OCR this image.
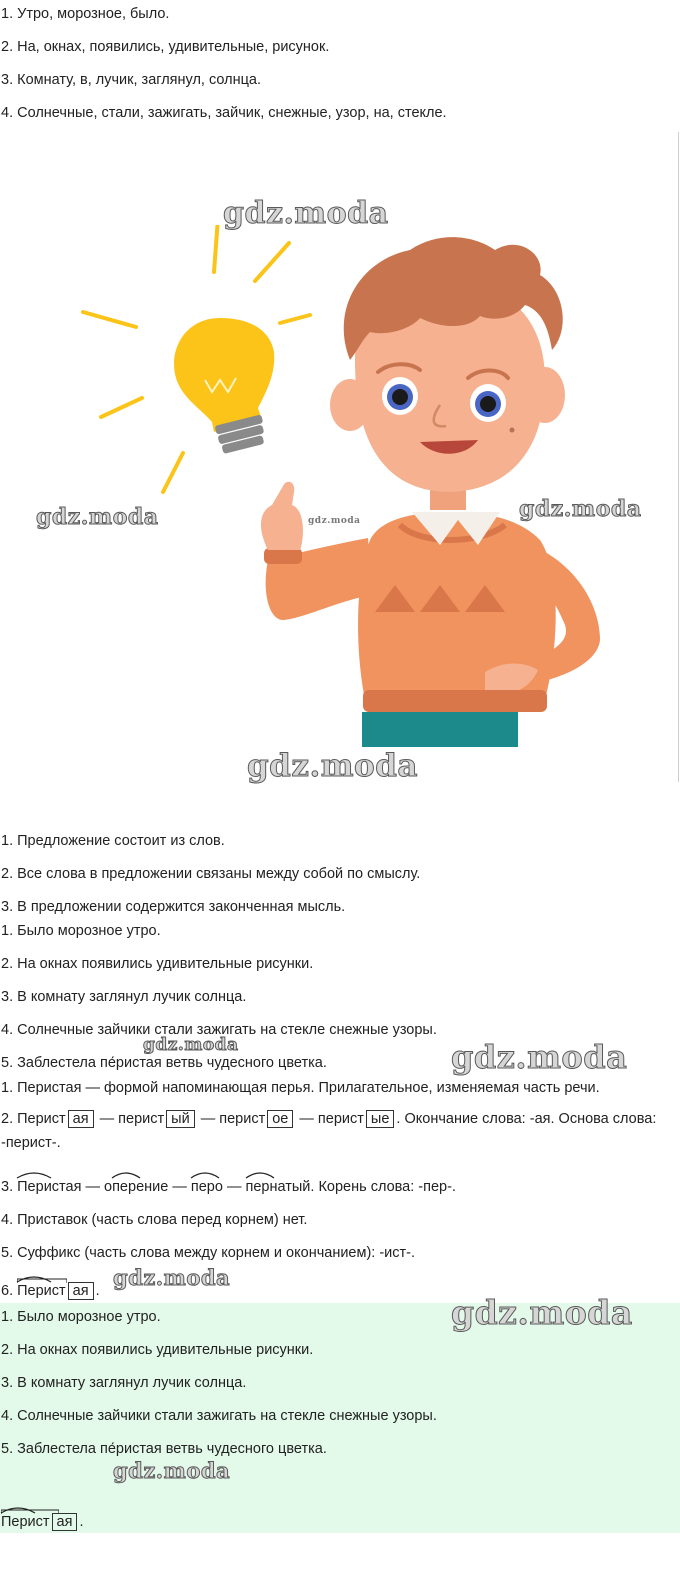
1. Утро, морозное, было.
2. На, окнах, появились, удивительные, рисунок.
3. Комнату, в, лучик, заглянул, солнца.
4. Солнечные, стали, зажигать, зайчик, снежные, узор, на, стекле.
gdz.moda
gdz.moda	gdz.moda
gdz.moda
gdz.moda
1. Предложение состоит из слов.
2. Все слова в предложении связаны между собой по смыслу.
3. В предложении содержится законченная мысль.
1. Было морозное утро.
2. На окнах появились удивительные рисунки.
3. В комнату заглянул лучик солнца.
4. Солнечные зайчики стали зажигать на стекле снежные узоры.
5. Заблестела пе́ристая ветвь чудесного цветка.
gdz.moda	gdz.moda
1. Перистая — формой напоминающая перья. Прилагательное, изменяемая часть речи.
2. Перист ая — перист ый — перист ое — перист ые . Окончание слова: -ая. Основа слова: -перист-.
3.
Перистая — о
перение —
перо —
пернатый. Корень слова: -пер-.
4. Приставок (часть слова перед корнем) нет.
5. Суффикс (часть слова между корнем и окончанием): -ист-.
6.
Перист ая .
gdz.moda
1. Было морозное утро.
2. На окнах появились удивительные рисунки.
3. В комнату заглянул лучик солнца.
4. Солнечные зайчики стали зажигать на стекле снежные узоры.
5. Заблестела пе́ристая ветвь чудесного цветка.
gdz.moda
gdz.moda
Перист ая .
